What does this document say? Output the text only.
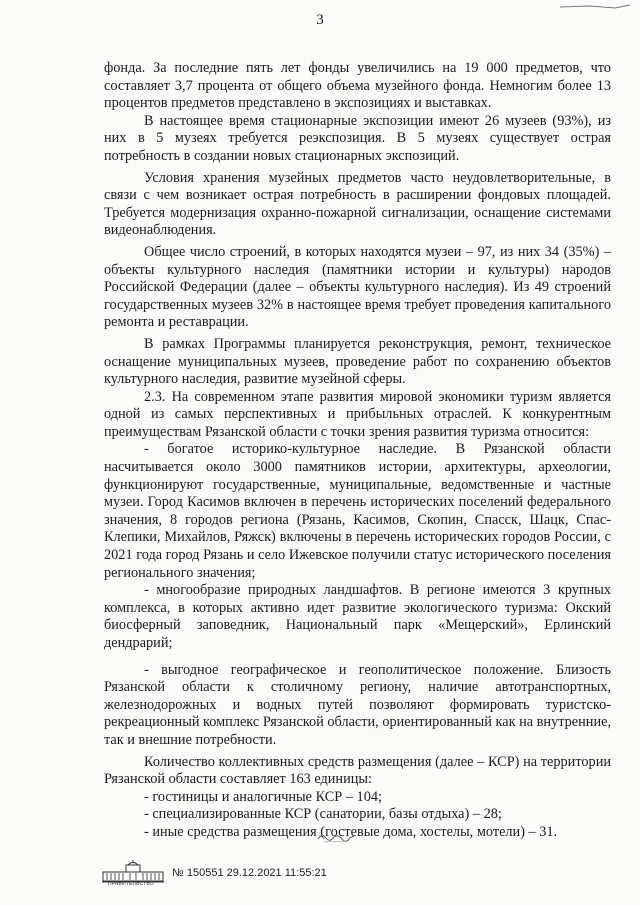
3

фонда. За последние пять лет фонды увеличились на 19 000 предметов, что составляет 3,7 процента от общего объема музейного фонда. Немногим более 13 процентов предметов представлено в экспозициях и выставках.

В настоящее время стационарные экспозиции имеют 26 музеев (93%), из них в 5 музеях требуется реэкспозиция. В 5 музеях существует острая потребность в создании новых стационарных экспозиций.

Условия хранения музейных предметов часто неудовлетворительные, в связи с чем возникает острая потребность в расширении фондовых площадей. Требуется модернизация охранно-пожарной сигнализации, оснащение системами видеонаблюдения.

Общее число строений, в которых находятся музеи – 97, из них 34 (35%) – объекты культурного наследия (памятники истории и культуры) народов Российской Федерации (далее – объекты культурного наследия). Из 49 строений государственных музеев 32% в настоящее время требует проведения капитального ремонта и реставрации.

В рамках Программы планируется реконструкция, ремонт, техническое оснащение муниципальных музеев, проведение работ по сохранению объектов культурного наследия, развитие музейной сферы.

2.3. На современном этапе развития мировой экономики туризм является одной из самых перспективных и прибыльных отраслей. К конкурентным преимуществам Рязанской области с точки зрения развития туризма относится:

- богатое историко-культурное наследие. В Рязанской области насчитывается около 3000 памятников истории, архитектуры, археологии, функционируют государственные, муниципальные, ведомственные и частные музеи. Город Касимов включен в перечень исторических поселений федерального значения, 8 городов региона (Рязань, Касимов, Скопин, Спасск, Шацк, Спас-Клепики, Михайлов, Ряжск) включены в перечень исторических городов России, с 2021 года город Рязань и село Ижевское получили статус исторического поселения регионального значения;

- многообразие природных ландшафтов. В регионе имеются 3 крупных комплекса, в которых активно идет развитие экологического туризма: Окский биосферный заповедник, Национальный парк «Мещерский», Ерлинский дендрарий;

- выгодное географическое и геополитическое положение. Близость Рязанской области к столичному региону, наличие автотранспортных, железнодорожных и водных путей позволяют формировать туристско-рекреационный комплекс Рязанской области, ориентированный как на внутренние, так и внешние потребности.

Количество коллективных средств размещения (далее – КСР) на территории Рязанской области составляет 163 единицы:

- гостиницы и аналогичные КСР – 104;

- специализированные КСР (санатории, базы отдыха) – 28;

- иные средства размещения (гостевые дома, хостелы, мотели) – 31.

ПРАВИТЕЛЬСТВО
№ 150551 29.12.2021 11:55:21
